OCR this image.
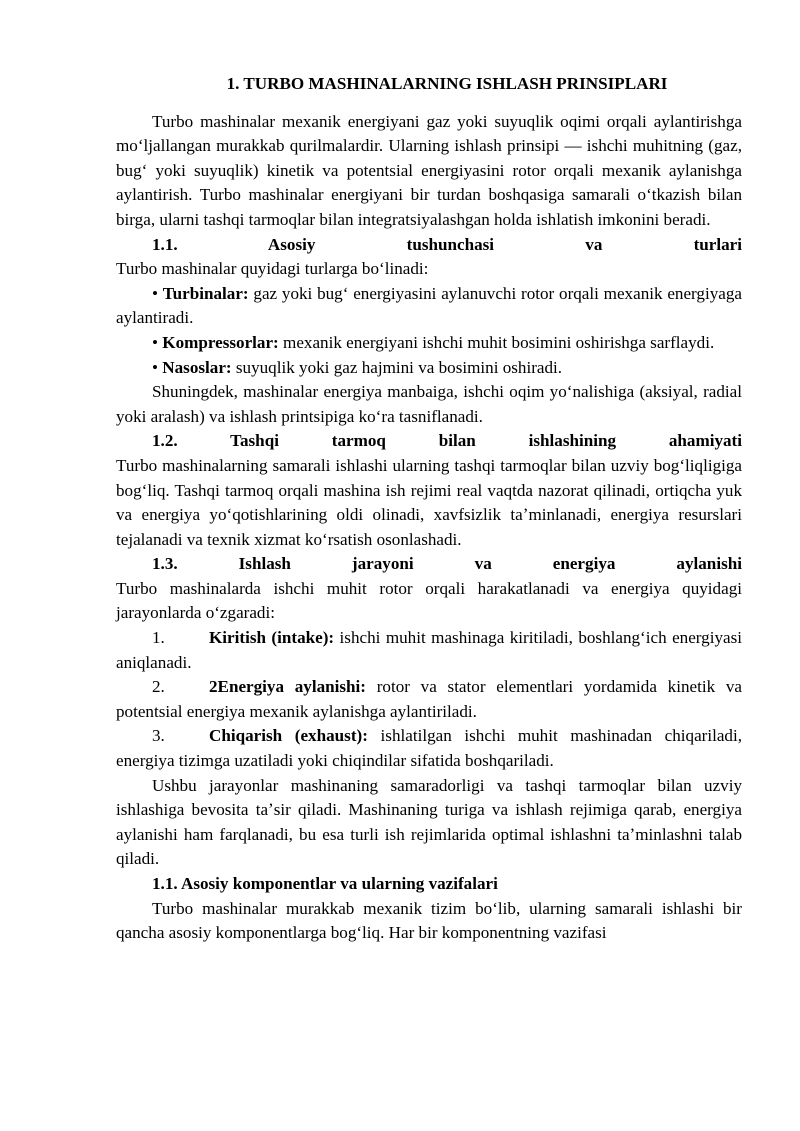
1. TURBO MASHINALARNING ISHLASH PRINSIPLARI

Turbo mashinalar mexanik energiyani gaz yoki suyuqlik oqimi orqali aylantirishga moʻljallangan murakkab qurilmalardir. Ularning ishlash prinsipi — ishchi muhitning (gaz, bugʻ yoki suyuqlik) kinetik va potentsial energiyasini rotor orqali mexanik aylanishga aylantirish. Turbo mashinalar energiyani bir turdan boshqasiga samarali oʻtkazish bilan birga, ularni tashqi tarmoqlar bilan integratsiyalashgan holda ishlatish imkonini beradi.

1.1.	Asosiy	tushunchasi	va	turlari

Turbo mashinalar quyidagi turlarga boʻlinadi:

• Turbinalar: gaz yoki bugʻ energiyasini aylanuvchi rotor orqali mexanik energiyaga aylantiradi.

• Kompressorlar: mexanik energiyani ishchi muhit bosimini oshirishga sarflaydi.

• Nasoslar: suyuqlik yoki gaz hajmini va bosimini oshiradi.

Shuningdek, mashinalar energiya manbaiga, ishchi oqim yoʻnalishiga (aksiyal, radial yoki aralash) va ishlash printsipiga koʻra tasniflanadi.

1.2.	Tashqi	tarmoq	bilan	ishlashining	ahamiyati

Turbo mashinalarning samarali ishlashi ularning tashqi tarmoqlar bilan uzviy bogʻliqligiga bogʻliq. Tashqi tarmoq orqali mashina ish rejimi real vaqtda nazorat qilinadi, ortiqcha yuk va energiya yoʻqotishlarining oldi olinadi, xavfsizlik taʼminlanadi, energiya resurslari tejalanadi va texnik xizmat koʻrsatish osonlashadi.

1.3.	Ishlash	jarayoni	va	energiya	aylanishi

Turbo mashinalarda ishchi muhit rotor orqali harakatlanadi va energiya quyidagi jarayonlarda oʻzgaradi:

1.	Kiritish (intake): ishchi muhit mashinaga kiritiladi, boshlangʻich energiyasi aniqlanadi.

2.	2Energiya aylanishi: rotor va stator elementlari yordamida kinetik va potentsial energiya mexanik aylanishga aylantiriladi.

3.	Chiqarish (exhaust): ishlatilgan ishchi muhit mashinadan chiqariladi, energiya tizimga uzatiladi yoki chiqindilar sifatida boshqariladi.

Ushbu jarayonlar mashinaning samaradorligi va tashqi tarmoqlar bilan uzviy ishlashiga bevosita taʼsir qiladi. Mashinaning turiga va ishlash rejimiga qarab, energiya aylanishi ham farqlanadi, bu esa turli ish rejimlarida optimal ishlashni taʼminlashni talab qiladi.

1.1. Asosiy komponentlar va ularning vazifalari

Turbo mashinalar murakkab mexanik tizim boʻlib, ularning samarali ishlashi bir qancha asosiy komponentlarga bogʻliq. Har bir komponentning vazifasi
